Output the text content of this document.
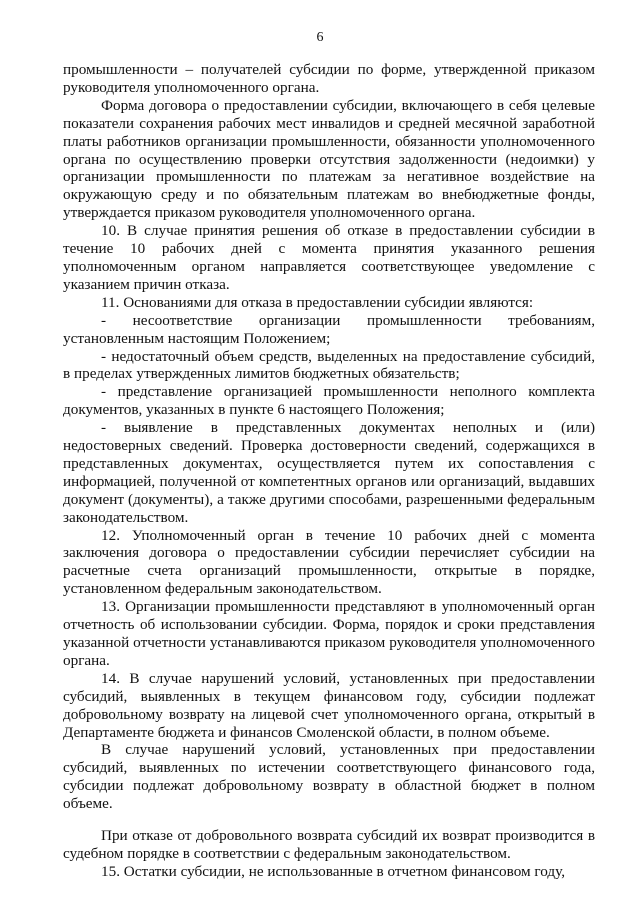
6

промышленности – получателей субсидии по форме, утвержденной приказом руководителя уполномоченного органа.

Форма договора о предоставлении субсидии, включающего в себя целевые показатели сохранения рабочих мест инвалидов и средней месячной заработной платы работников организации промышленности, обязанности уполномоченного органа по осуществлению проверки отсутствия задолженности (недоимки) у организации промышленности по платежам за негативное воздействие на окружающую среду и по обязательным платежам во внебюджетные фонды, утверждается приказом руководителя уполномоченного органа.

10. В случае принятия решения об отказе в предоставлении субсидии в течение 10 рабочих дней с момента принятия указанного решения уполномоченным органом направляется соответствующее уведомление с указанием причин отказа.

11. Основаниями для отказа в предоставлении субсидии являются:

- несоответствие организации промышленности требованиям, установленным настоящим Положением;

- недостаточный объем средств, выделенных на предоставление субсидий, в пределах утвержденных лимитов бюджетных обязательств;

- представление организацией промышленности неполного комплекта документов, указанных в пункте 6 настоящего Положения;

- выявление в представленных документах неполных и (или) недостоверных сведений. Проверка достоверности сведений, содержащихся в представленных документах, осуществляется путем их сопоставления с информацией, полученной от компетентных органов или организаций, выдавших документ (документы), а также другими способами, разрешенными федеральным законодательством.

12. Уполномоченный орган в течение 10 рабочих дней с момента заключения договора о предоставлении субсидии перечисляет субсидии на расчетные счета организаций промышленности, открытые в порядке, установленном федеральным законодательством.

13. Организации промышленности представляют в уполномоченный орган отчетность об использовании субсидии. Форма, порядок и сроки представления указанной отчетности устанавливаются приказом руководителя уполномоченного органа.

14. В случае нарушений условий, установленных при предоставлении субсидий, выявленных в текущем финансовом году, субсидии подлежат добровольному возврату на лицевой счет уполномоченного органа, открытый в Департаменте бюджета и финансов Смоленской области, в полном объеме.

В случае нарушений условий, установленных при предоставлении субсидий, выявленных по истечении соответствующего финансового года, субсидии подлежат добровольному возврату в областной бюджет в полном объеме.

При отказе от добровольного возврата субсидий их возврат производится в судебном порядке в соответствии с федеральным законодательством.

15. Остатки субсидии, не использованные в отчетном финансовом году,
